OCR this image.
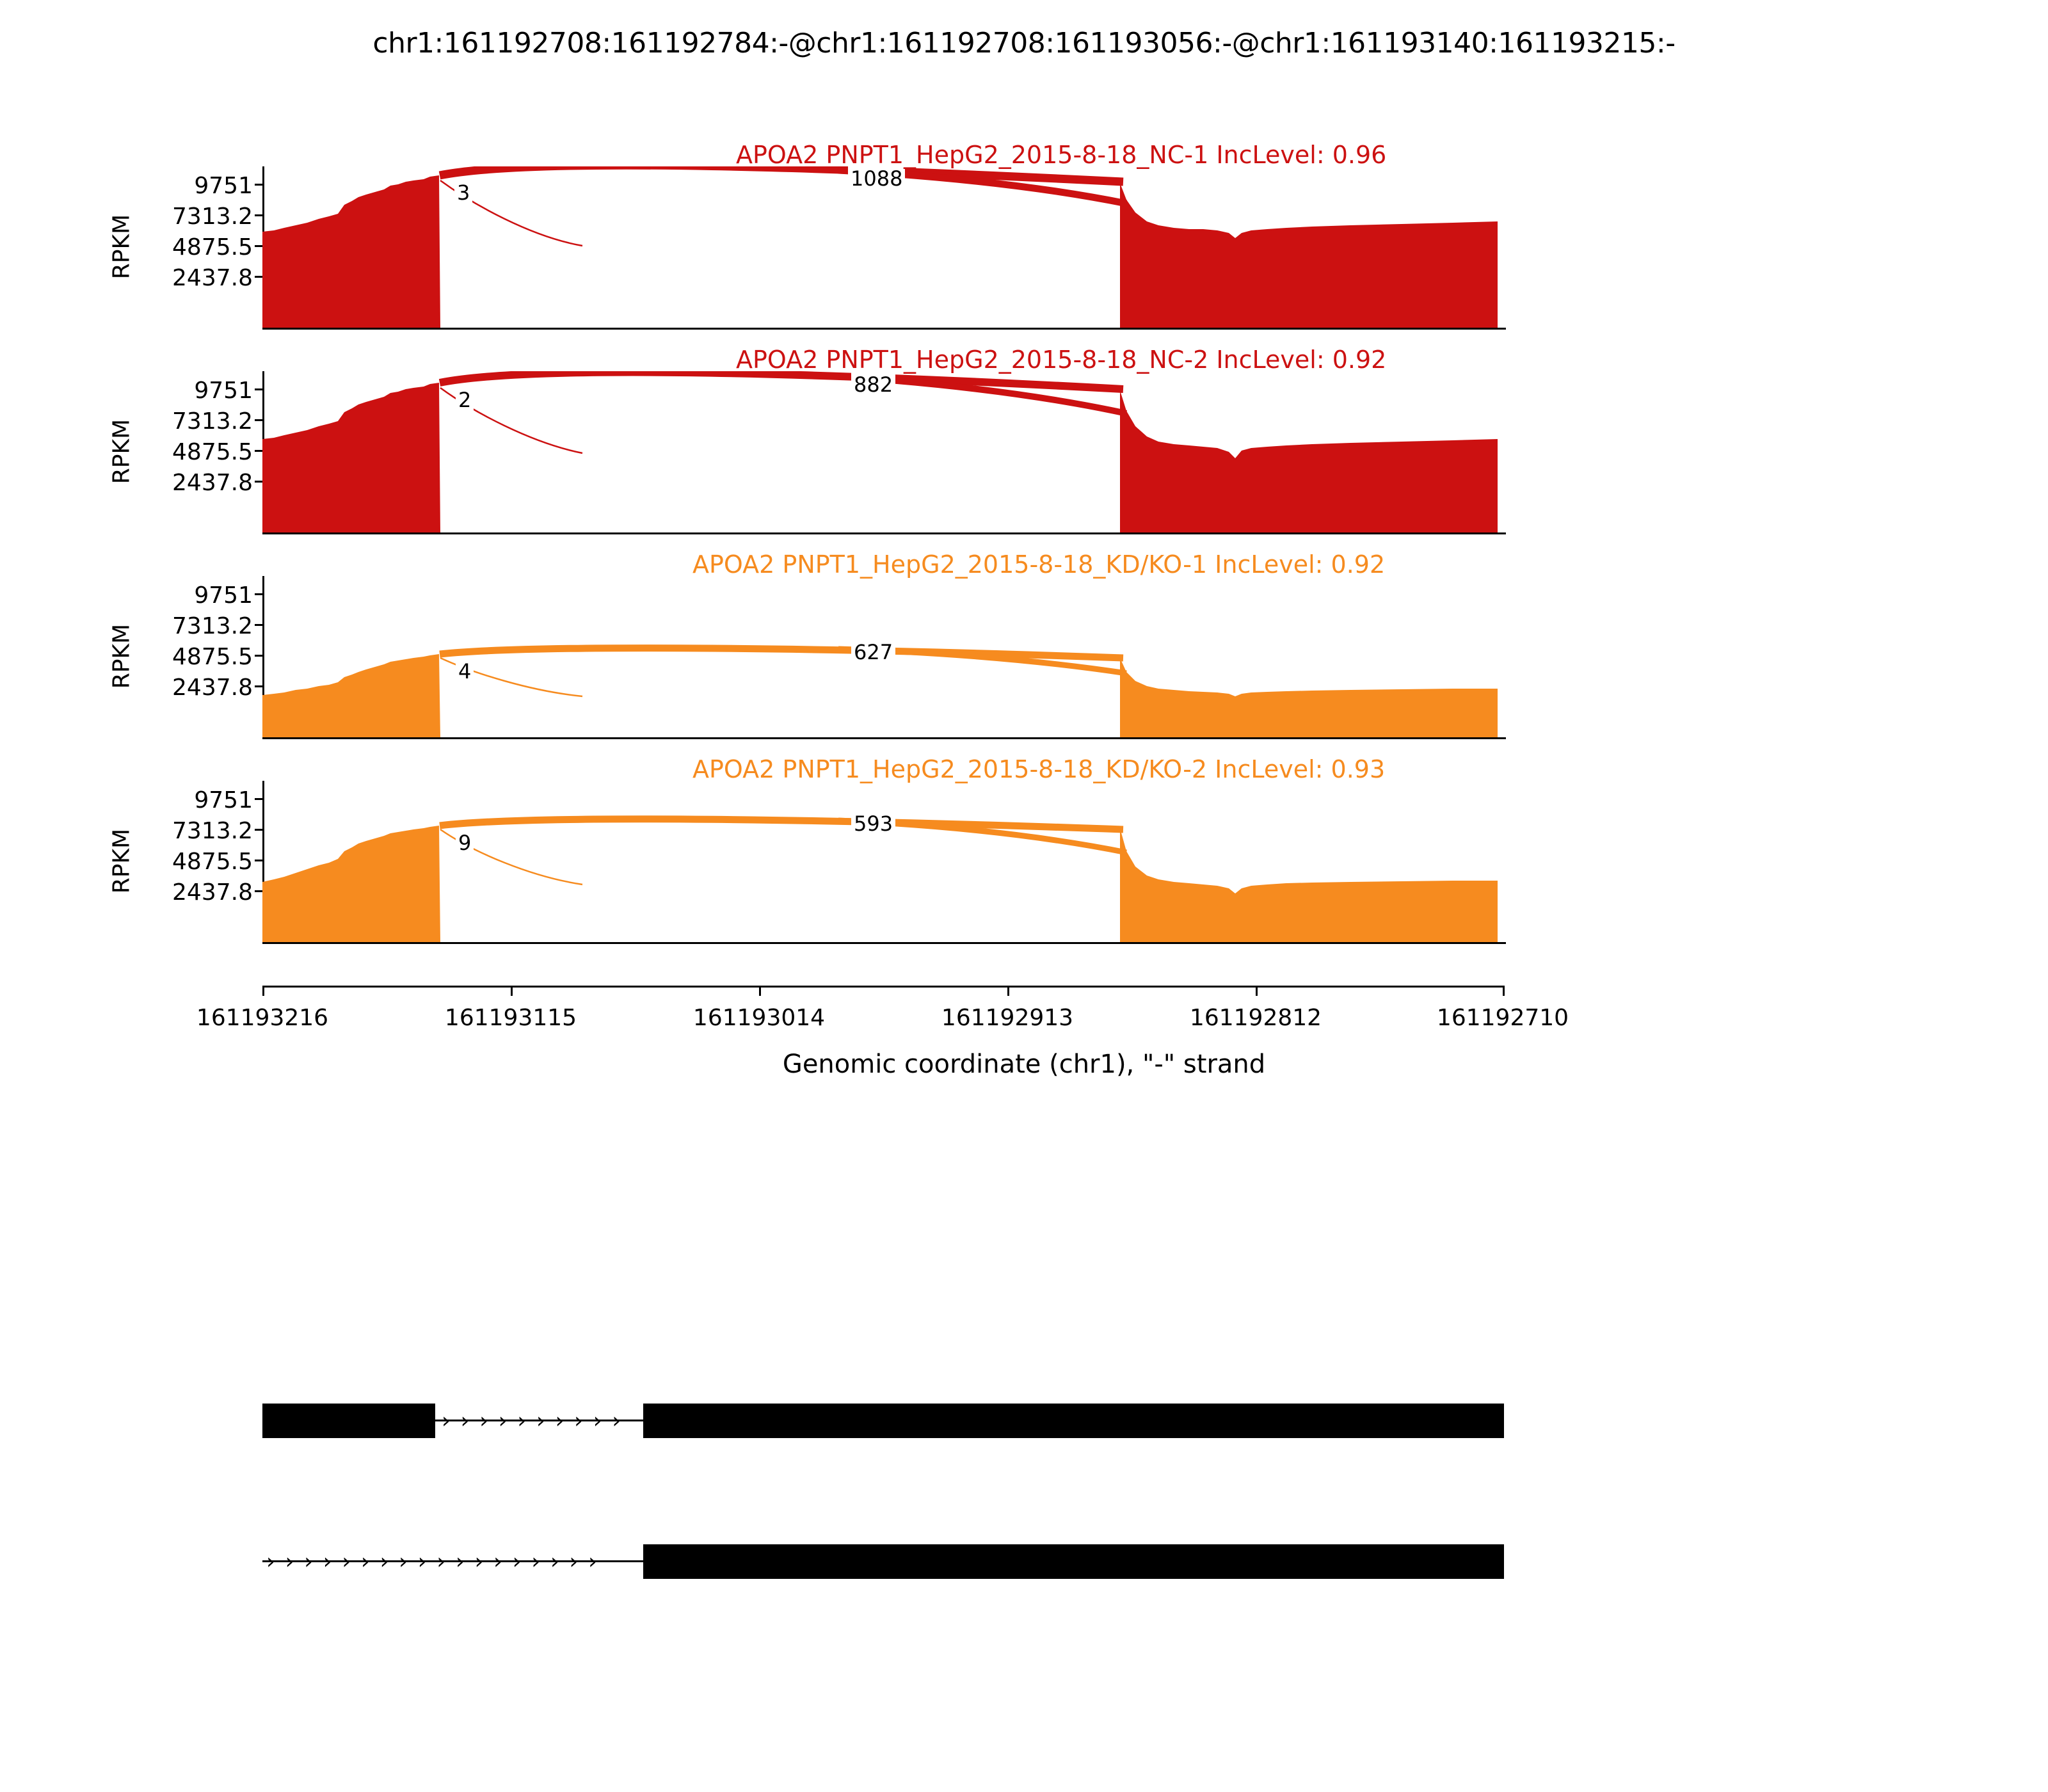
chr1:161192708:161192784:-@chr1:161192708:161193056:-@chr1:161193140:161193215:-
RPKM
9751
7313.2
4875.5
2437.8
3
1088
APOA2 PNPT1_HepG2_2015-8-18_NC-1 IncLevel: 0.96
RPKM
9751
7313.2
4875.5
2437.8
2
882
APOA2 PNPT1_HepG2_2015-8-18_NC-2 IncLevel: 0.92
RPKM
9751
7313.2
4875.5
2437.8
4
627
APOA2 PNPT1_HepG2_2015-8-18_KD/KO-1 IncLevel: 0.92
RPKM
9751
7313.2
4875.5
2437.8
9
593
APOA2 PNPT1_HepG2_2015-8-18_KD/KO-2 IncLevel: 0.93
161193216	161193115	161193014	161192913	161192812	161192710
Genomic coordinate (chr1), "-" strand
››››››››››
››››››››››››››››››
